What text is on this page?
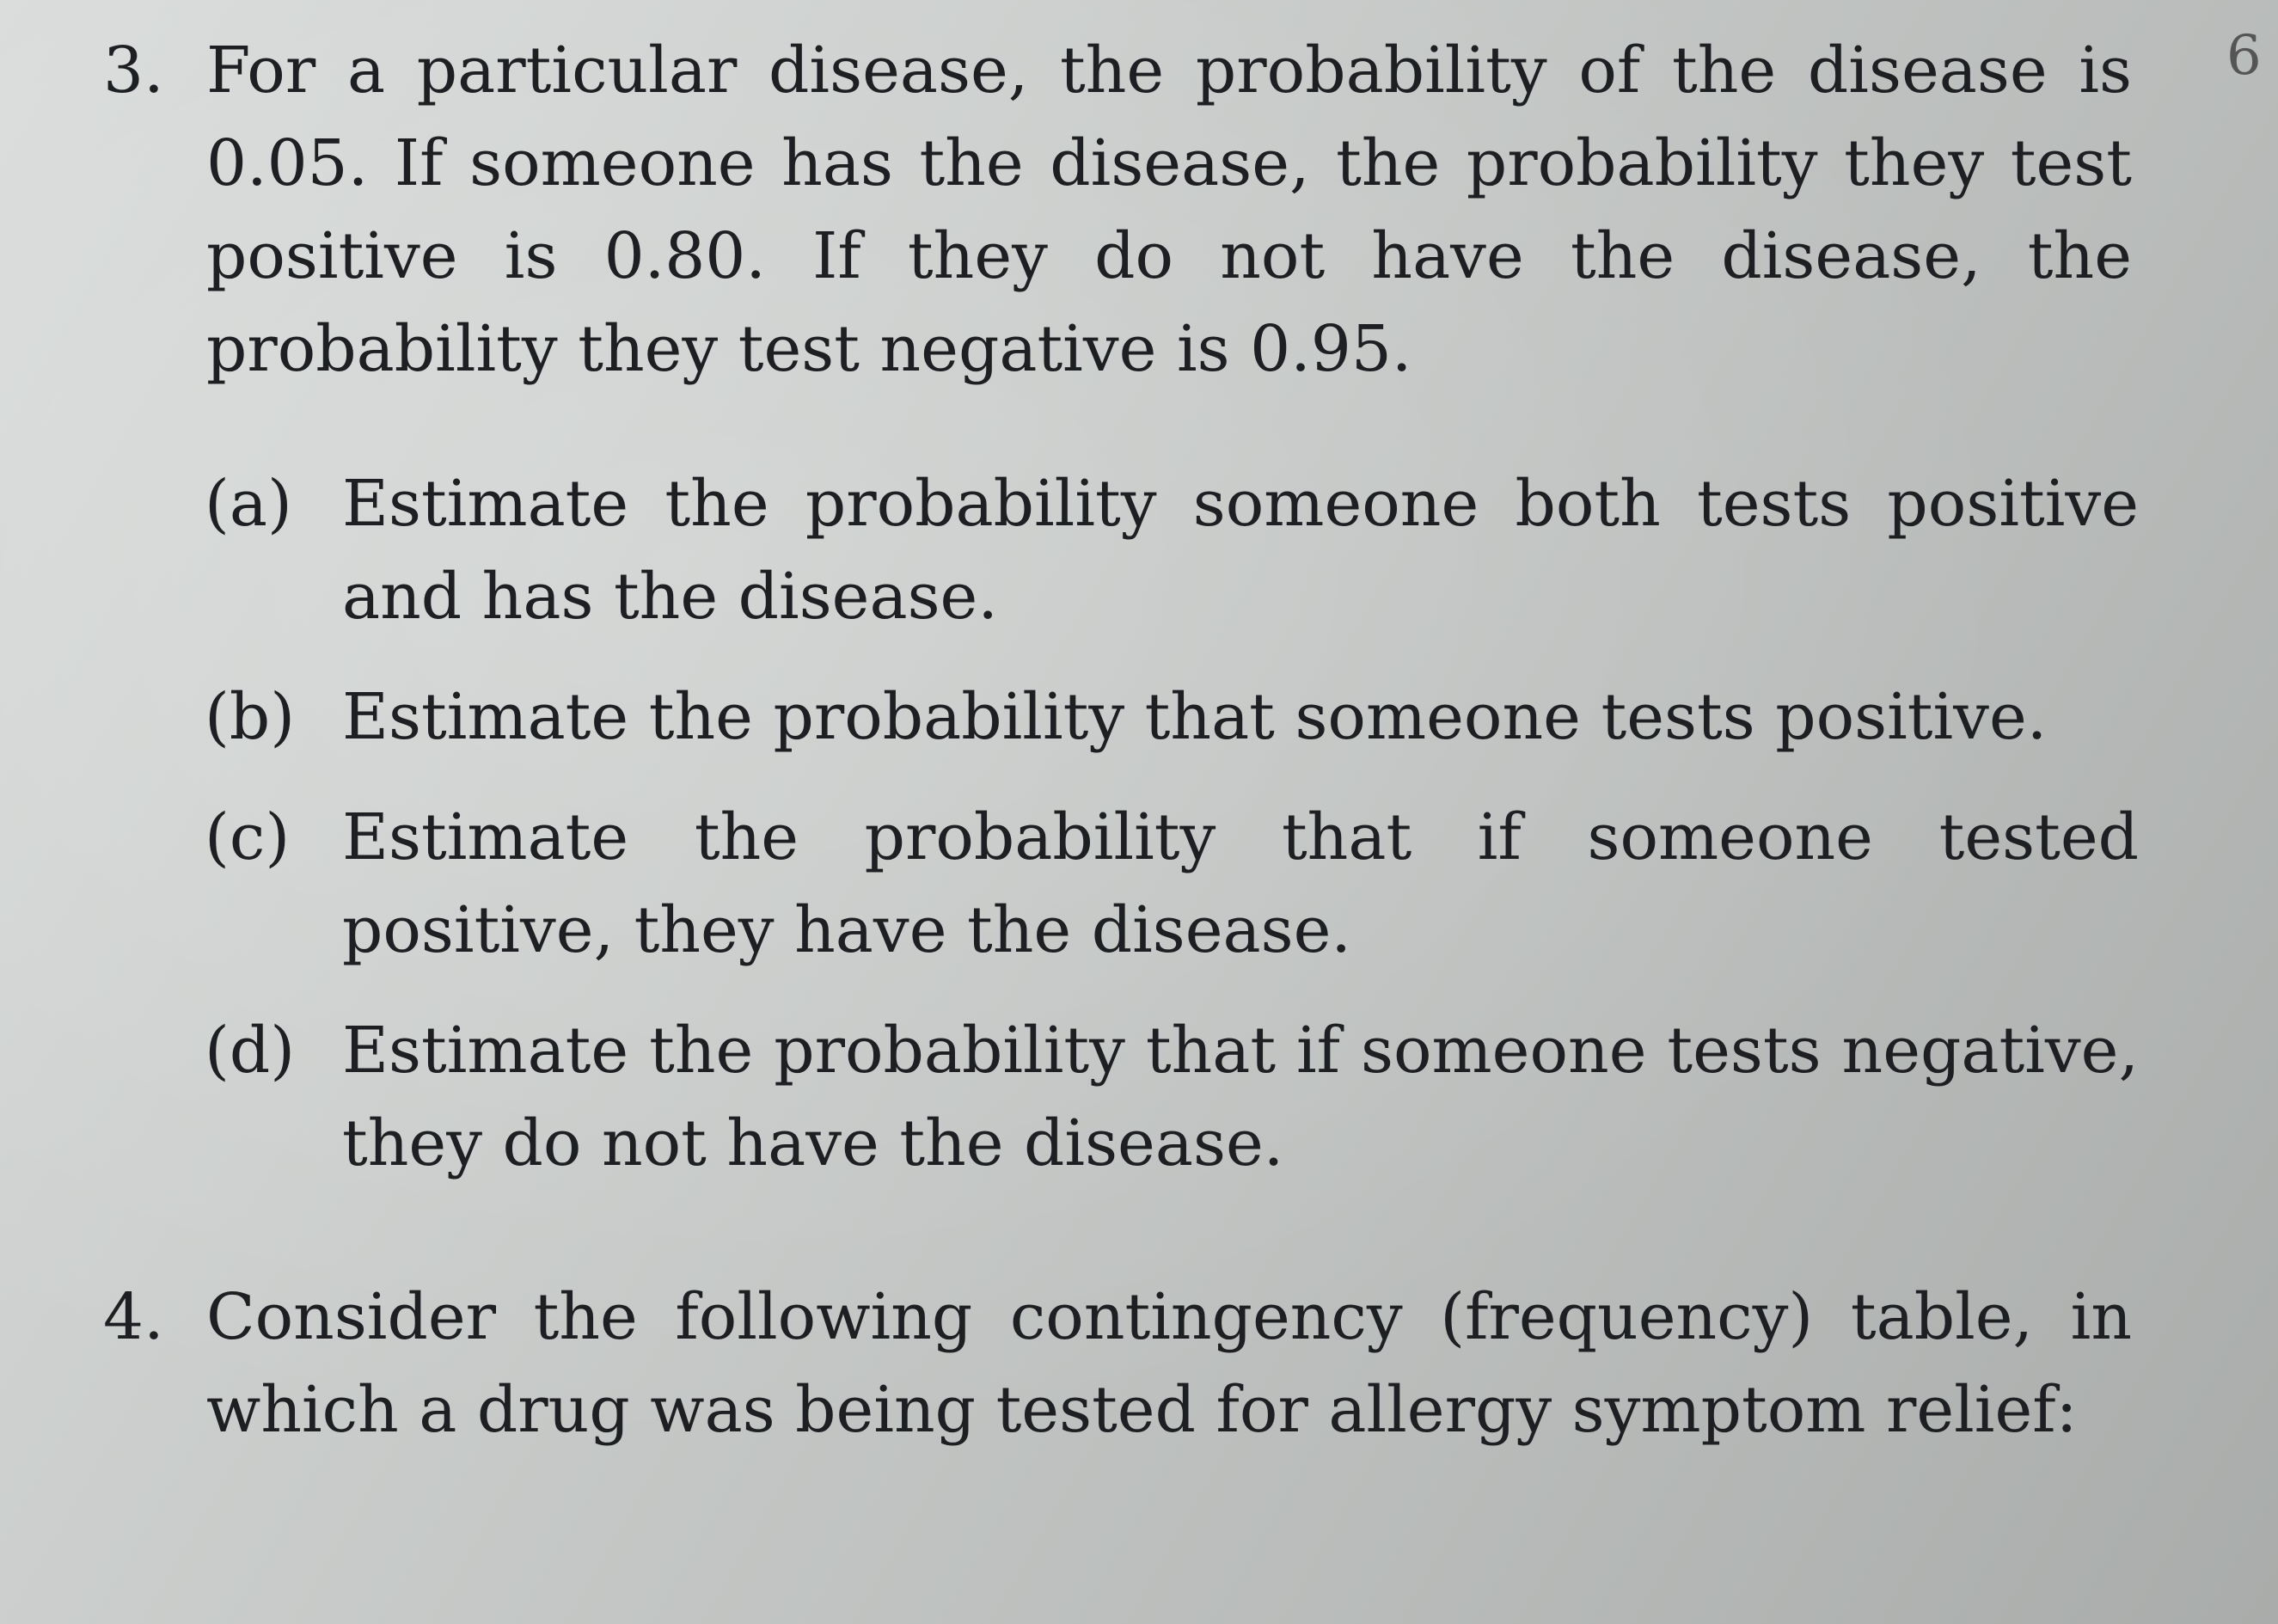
6
3. For a particular disease, the probability of the disease is 0.05. If someone has the disease, the probability they test positive is 0.80. If they do not have the disease, the probability they test negative is 0.95.
(a) Estimate the probability someone both tests positive and has the disease.
(b) Estimate the probability that someone tests positive.
(c) Estimate the probability that if someone tested positive, they have the disease.
(d) Estimate the probability that if someone tests negative, they do not have the disease.
4. Consider the following contingency (frequency) table, in which a drug was being tested for allergy symptom relief:
